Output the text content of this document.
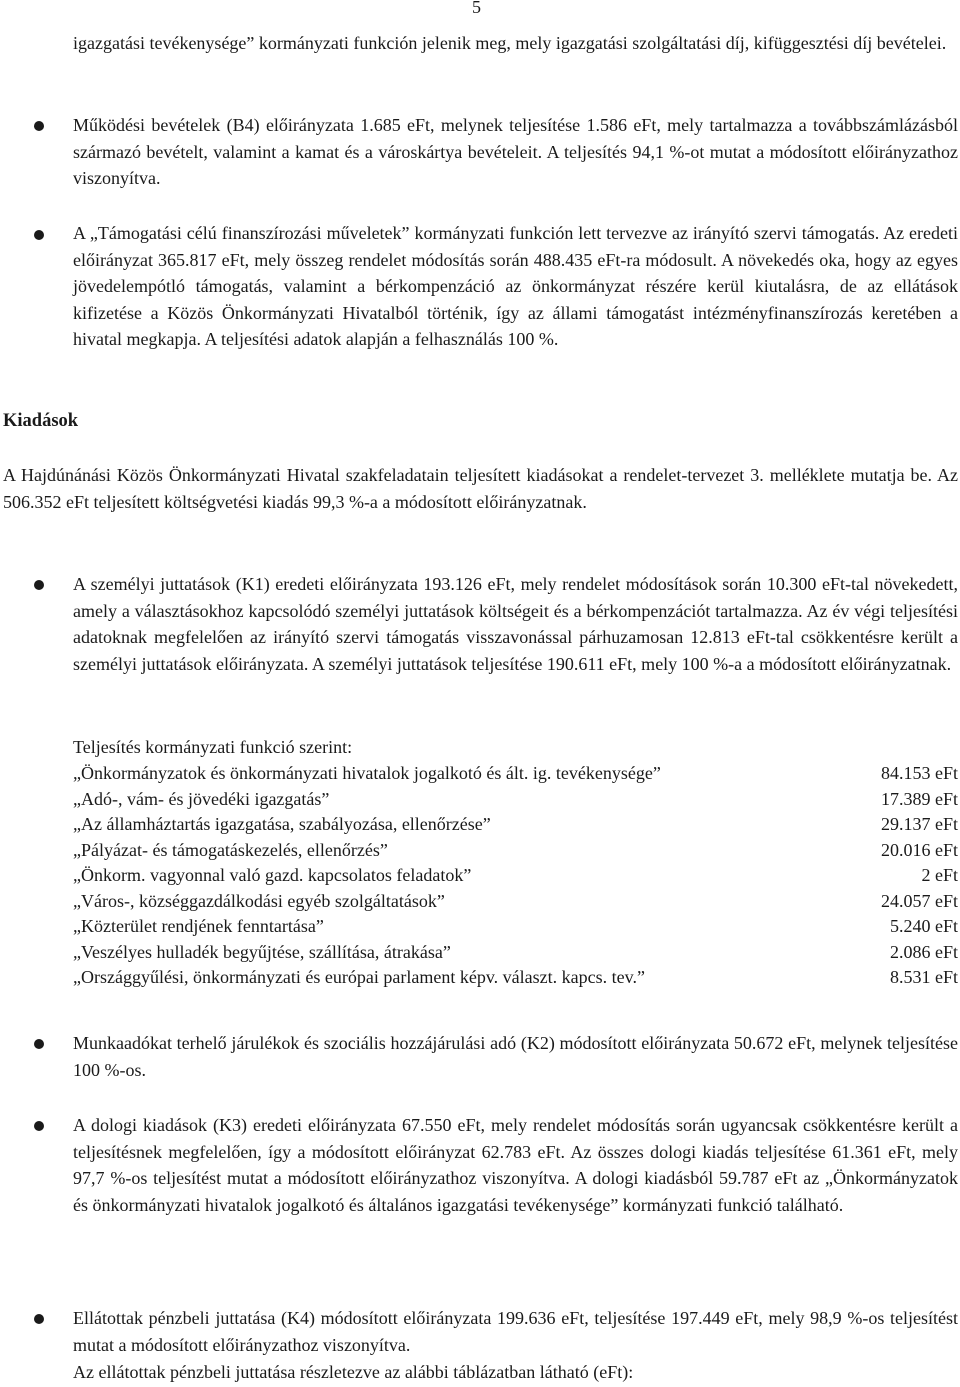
5

igazgatási tevékenysége” kormányzati funkción jelenik meg, mely igazgatási szolgáltatási díj, kifüggesztési díj bevételei.

Működési bevételek (B4) előirányzata 1.685 eFt, melynek teljesítése 1.586 eFt, mely tartalmazza a továbbszámlázásból származó bevételt, valamint a kamat és a városkártya bevételeit. A teljesítés 94,1 %-ot mutat a módosított előirányzathoz viszonyítva.

A „Támogatási célú finanszírozási műveletek” kormányzati funkción lett tervezve az irányító szervi támogatás. Az eredeti előirányzat 365.817 eFt, mely összeg rendelet módosítás során 488.435 eFt-ra módosult. A növekedés oka, hogy az egyes jövedelempótló támogatás, valamint a bérkompenzáció az önkormányzat részére kerül kiutalásra, de az ellátások kifizetése a Közös Önkormányzati Hivatalból történik, így az állami támogatást intézményfinanszírozás keretében a hivatal megkapja. A teljesítési adatok alapján a felhasználás 100 %.

Kiadások

A Hajdúnánási Közös Önkormányzati Hivatal szakfeladatain teljesített kiadásokat a rendelet-tervezet 3. melléklete mutatja be. Az 506.352 eFt teljesített költségvetési kiadás 99,3 %-a a módosított előirányzatnak.

A személyi juttatások (K1) eredeti előirányzata 193.126 eFt, mely rendelet módosítások során 10.300 eFt-tal növekedett, amely a választásokhoz kapcsolódó személyi juttatások költségeit és a bérkompenzációt tartalmazza. Az év végi teljesítési adatoknak megfelelően az irányító szervi támogatás visszavonással párhuzamosan 12.813 eFt-tal csökkentésre került a személyi juttatások előirányzata. A személyi juttatások teljesítése 190.611 eFt, mely 100 %-a a módosított előirányzatnak.

Teljesítés kormányzati funkció szerint:
„Önkormányzatok és önkormányzati hivatalok jogalkotó és ált. ig. tevékenysége”	84.153 eFt
„Adó-, vám- és jövedéki igazgatás”	17.389 eFt
„Az államháztartás igazgatása, szabályozása, ellenőrzése”	29.137 eFt
„Pályázat- és támogatáskezelés, ellenőrzés”	20.016 eFt
„Önkorm. vagyonnal való gazd. kapcsolatos feladatok”	2 eFt
„Város-, községgazdálkodási egyéb szolgáltatások”	24.057 eFt
„Közterület rendjének fenntartása”	5.240 eFt
„Veszélyes hulladék begyűjtése, szállítása, átrakása”	2.086 eFt
„Országgyűlési, önkormányzati és európai parlament képv. választ. kapcs. tev.”	8.531 eFt

Munkaadókat terhelő járulékok és szociális hozzájárulási adó (K2) módosított előirányzata 50.672 eFt, melynek teljesítése 100 %-os.

A dologi kiadások (K3) eredeti előirányzata 67.550 eFt, mely rendelet módosítás során ugyancsak csökkentésre került a teljesítésnek megfelelően, így a módosított előirányzat 62.783 eFt. Az összes dologi kiadás teljesítése 61.361 eFt, mely 97,7 %-os teljesítést mutat a módosított előirányzathoz viszonyítva. A dologi kiadásból 59.787 eFt az „Önkormányzatok és önkormányzati hivatalok jogalkotó és általános igazgatási tevékenysége” kormányzati funkció található.

Ellátottak pénzbeli juttatása (K4) módosított előirányzata 199.636 eFt, teljesítése 197.449 eFt, mely 98,9 %-os teljesítést mutat a módosított előirányzathoz viszonyítva.

Az ellátottak pénzbeli juttatása részletezve az alábbi táblázatban látható (eFt):
